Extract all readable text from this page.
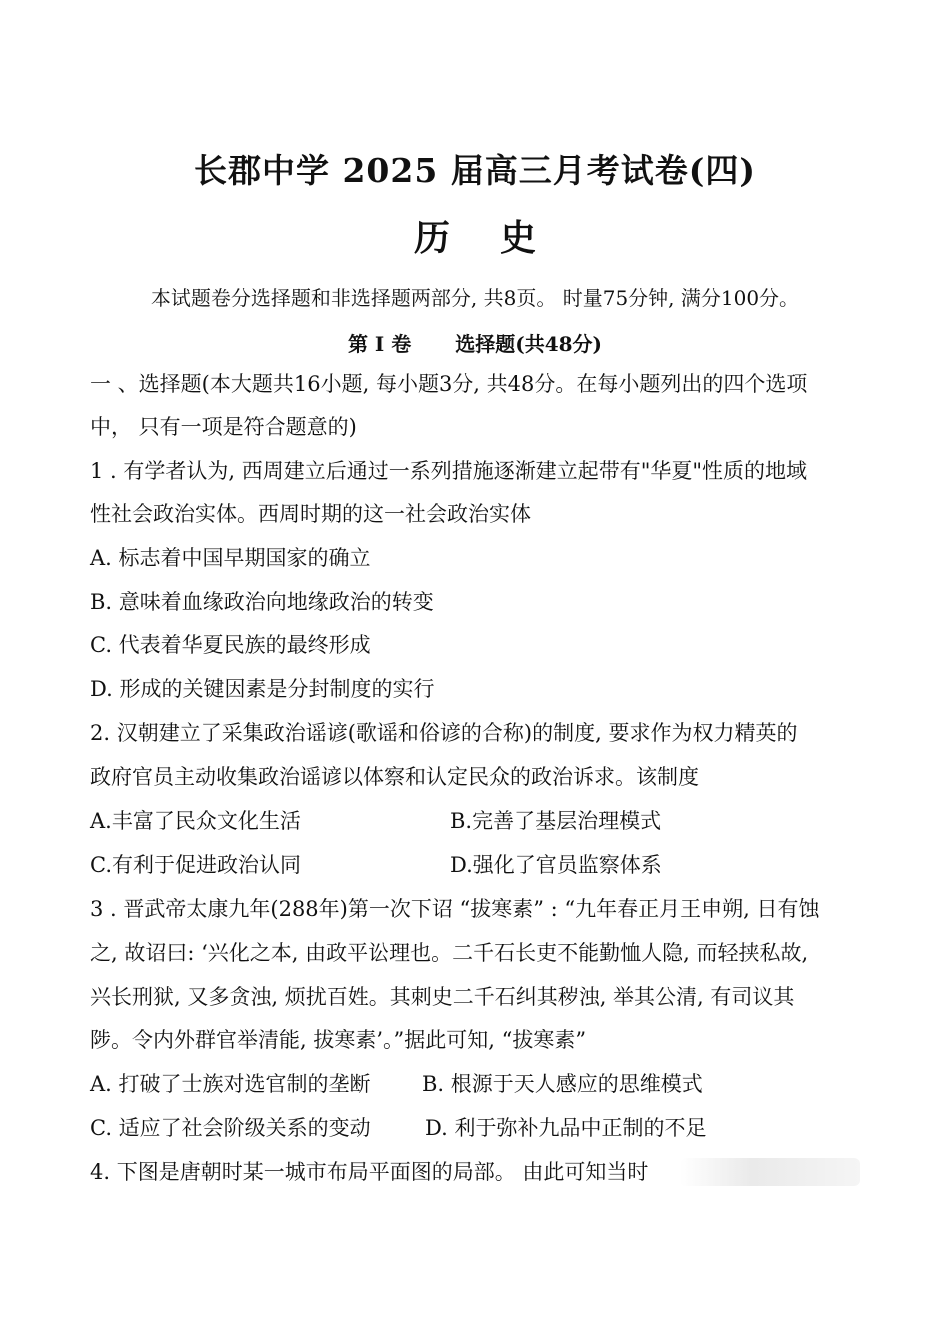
长郡中学 2025 届高三月考试卷(四)
历史
本试题卷分选择题和非选择题两部分, 共8页。 时量75分钟, 满分100分。
第 I 卷 选择题(共48分)
一 、选择题(本大题共16小题, 每小题3分, 共48分。在每小题列出的四个选项
中， 只有一项是符合题意的)
1 . 有学者认为, 西周建立后通过一系列措施逐渐建立起带有"华夏"性质的地域
性社会政治实体。西周时期的这一社会政治实体
A. 标志着中国早期国家的确立
B. 意味着血缘政治向地缘政治的转变
C. 代表着华夏民族的最终形成
D. 形成的关键因素是分封制度的实行
2. 汉朝建立了采集政治谣谚(歌谣和俗谚的合称)的制度, 要求作为权力精英的
政府官员主动收集政治谣谚以体察和认定民众的政治诉求。该制度
A.丰富了民众文化生活	B.完善了基层治理模式
C.有利于促进政治认同	D.强化了官员监察体系
3 . 晋武帝太康九年(288年)第一次下诏 “拔寒素” : “九年春正月王申朔, 日有蚀
之, 故诏曰: ‘兴化之本, 由政平讼理也。二千石长吏不能勤恤人隐, 而轻挟私故,
兴长刑狱, 又多贪浊, 烦扰百姓。其刺史二千石纠其秽浊, 举其公清, 有司议其
陟。令内外群官举清能, 拔寒素’。”据此可知, “拔寒素”
A. 打破了士族对选官制的垄断 B. 根源于天人感应的思维模式
C. 适应了社会阶级关系的变动	D. 利于弥补九品中正制的不足
4. 下图是唐朝时某一城市布局平面图的局部。 由此可知当时
